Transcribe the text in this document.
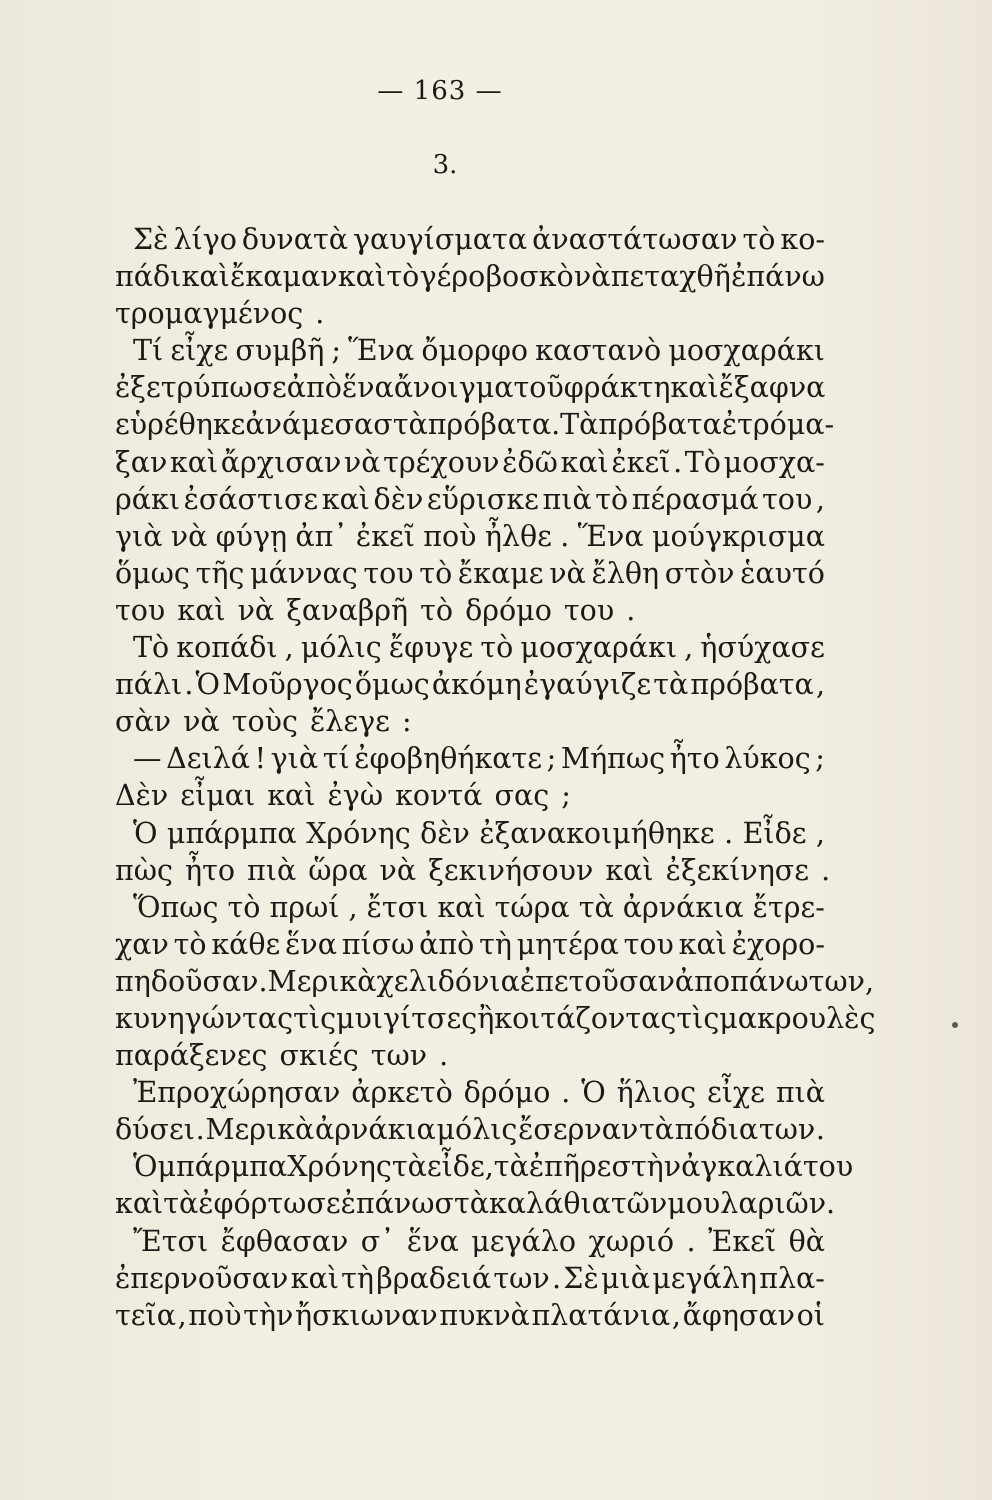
— 163 —
3.
Σὲ λίγο δυνατὰ γαυγίσματα ἀναστάτωσαν τὸ κο-
πάδι καὶ ἔκαμαν καὶ τὸ γέρο βοσκὸ νὰ πεταχθῆ ἐπάνω
τρομαγμένος .
Τί εἶχε συμβῆ ; Ἕνα ὄμορφο καστανὸ μοσχαράκι
ἐξετρύπωσε ἀπὸ ἕνα ἄνοιγμα τοῦ φράκτη καὶ ἔξαφνα
εὑρέθηκε ἀνάμεσα στὰ πρόβατα . Τὰ πρόβατα ἐτρόμα-
ξαν καὶ ἄρχισαν νὰ τρέχουν ἐδῶ καὶ ἐκεῖ . Τὸ μοσχα-
ράκι ἐσάστισε καὶ δὲν εὕρισκε πιὰ τὸ πέρασμά του ,
γιὰ νὰ φύγῃ ἀπ᾽ ἐκεῖ ποὺ ἦλθε . Ἕνα μούγκρισμα
ὅμως τῆς μάννας του τὸ ἔκαμε νὰ ἔλθη στὸν ἑαυτό
του καὶ νὰ ξαναβρῆ τὸ δρόμο του .
Τὸ κοπάδι , μόλις ἔφυγε τὸ μοσχαράκι , ἡσύχασε
πάλι . Ὁ Μοῦργος ὅμως ἀκόμη ἐγαύγιζε τὰ πρόβατα ,
σὰν νὰ τοὺς ἔλεγε :
— Δειλά ! γιὰ τί ἐφοβηθήκατε ; Μήπως ἦτο λύκος ;
Δὲν εἶμαι καὶ ἐγὼ κοντά σας ;
Ὁ μπάρμπα Χρόνης δὲν ἐξανακοιμήθηκε . Εἶδε ,
πὼς ἦτο πιὰ ὥρα νὰ ξεκινήσουν καὶ ἐξεκίνησε .
Ὅπως τὸ πρωί , ἔτσι καὶ τώρα τὰ ἀρνάκια ἔτρε-
χαν τὸ κάθε ἕνα πίσω ἀπὸ τὴ μητέρα του καὶ ἐχορο-
πηδοῦσαν . Μερικὰ χελιδόνια ἐπετοῦσαν ἀποπάνω των ,
κυνηγώντας τὶς μυιγίτσες ἢ κοιτάζοντας τὶς μακρουλὲς
παράξενες σκιές των .
Ἐπροχώρησαν ἀρκετὸ δρόμο . Ὁ ἥλιος εἶχε πιὰ
δύσει . Μερικὰ ἀρνάκια μόλις ἔσερναν τὰ πόδια των .
Ὁ μπάρμπα Χρόνης τὰ εἶδε, τὰ ἐπῆρε στὴν ἀγκαλιά του
καὶ τὰ ἐφόρτωσε ἐπάνω στὰ καλάθια τῶν μουλαριῶν.
Ἔτσι ἔφθασαν σ᾽ ἕνα μεγάλο χωριό . Ἐκεῖ θὰ
ἐπερνοῦσαν καὶ τὴ βραδειά των . Σὲ μιὰ μεγάλη πλα-
τεῖα , ποὺ τὴν ἤσκιωναν πυκνὰ πλατάνια , ἄφησαν οἱ
